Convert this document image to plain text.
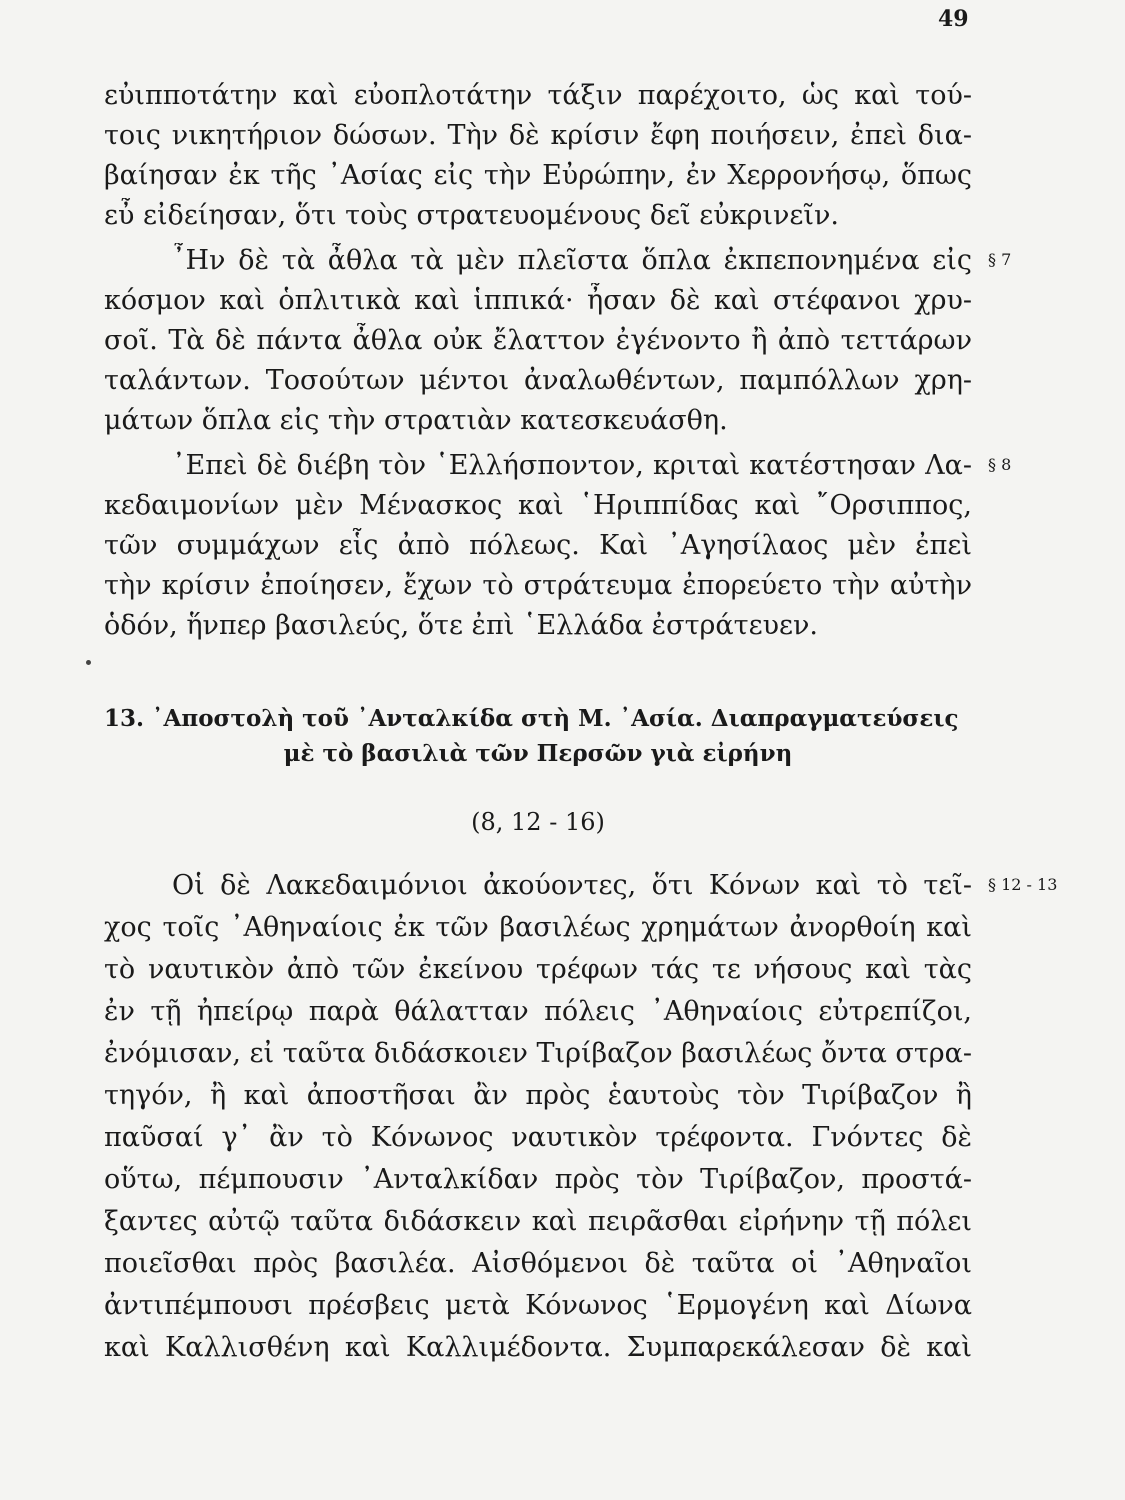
49
εὐιπποτάτην καὶ εὐοπλοτάτην τάξιν παρέχοιτο, ὡς καὶ τού-
τοις νικητήριον δώσων. Τὴν δὲ κρίσιν ἔφη ποιήσειν, ἐπεὶ δια-
βαίησαν ἐκ τῆς ᾿Ασίας εἰς τὴν Εὐρώπην, ἐν Χερρονήσῳ, ὅπως
εὖ εἰδείησαν, ὅτι τοὺς στρατευομένους δεῖ εὐκρινεῖν.
῏Ην δὲ τὰ ἆθλα τὰ μὲν πλεῖστα ὅπλα ἐκπεπονημένα εἰς § 7
κόσμον καὶ ὁπλιτικὰ καὶ ἱππικά· ἦσαν δὲ καὶ στέφανοι χρυ-
σοῖ. Τὰ δὲ πάντα ἆθλα οὐκ ἔλαττον ἐγένοντο ἢ ἀπὸ τεττάρων
ταλάντων. Τοσούτων μέντοι ἀναλωθέντων, παμπόλλων χρη-
μάτων ὅπλα εἰς τὴν στρατιὰν κατεσκευάσθη.
᾿Επεὶ δὲ διέβη τὸν ῾Ελλήσποντον, κριταὶ κατέστησαν Λα- § 8
κεδαιμονίων μὲν Μένασκος καὶ ῾Ηριππίδας καὶ ῎Ορσιππος,
τῶν συμμάχων εἷς ἀπὸ πόλεως. Καὶ ᾿Αγησίλαος μὲν ἐπεὶ
τὴν κρίσιν ἐποίησεν, ἔχων τὸ στράτευμα ἐπορεύετο τὴν αὐτὴν
ὁδόν, ἥνπερ βασιλεύς, ὅτε ἐπὶ ῾Ελλάδα ἐστράτευεν.
13. ᾿Αποστολὴ τοῦ ᾿Ανταλκίδα στὴ Μ. ᾿Ασία. Διαπραγματεύσεις
μὲ τὸ βασιλιὰ τῶν Περσῶν γιὰ εἰρήνη
(8, 12 - 16)
Οἱ δὲ Λακεδαιμόνιοι ἀκούοντες, ὅτι Κόνων καὶ τὸ τεῖ- § 12 - 13
χος τοῖς ᾿Αθηναίοις ἐκ τῶν βασιλέως χρημάτων ἀνορθοίη καὶ
τὸ ναυτικὸν ἀπὸ τῶν ἐκείνου τρέφων τάς τε νήσους καὶ τὰς
ἐν τῇ ἠπείρῳ παρὰ θάλατταν πόλεις ᾿Αθηναίοις εὐτρεπίζοι,
ἐνόμισαν, εἰ ταῦτα διδάσκοιεν Τιρίβαζον βασιλέως ὄντα στρα-
τηγόν, ἢ καὶ ἀποστῆσαι ἂν πρὸς ἑαυτοὺς τὸν Τιρίβαζον ἢ
παῦσαί γ᾿ ἂν τὸ Κόνωνος ναυτικὸν τρέφοντα. Γνόντες δὲ
οὕτω, πέμπουσιν ᾿Ανταλκίδαν πρὸς τὸν Τιρίβαζον, προστά-
ξαντες αὐτῷ ταῦτα διδάσκειν καὶ πειρᾶσθαι εἰρήνην τῇ πόλει
ποιεῖσθαι πρὸς βασιλέα. Αἰσθόμενοι δὲ ταῦτα οἱ ᾿Αθηναῖοι
ἀντιπέμπουσι πρέσβεις μετὰ Κόνωνος ῾Ερμογένη καὶ Δίωνα
καὶ Καλλισθένη καὶ Καλλιμέδοντα. Συμπαρεκάλεσαν δὲ καὶ
